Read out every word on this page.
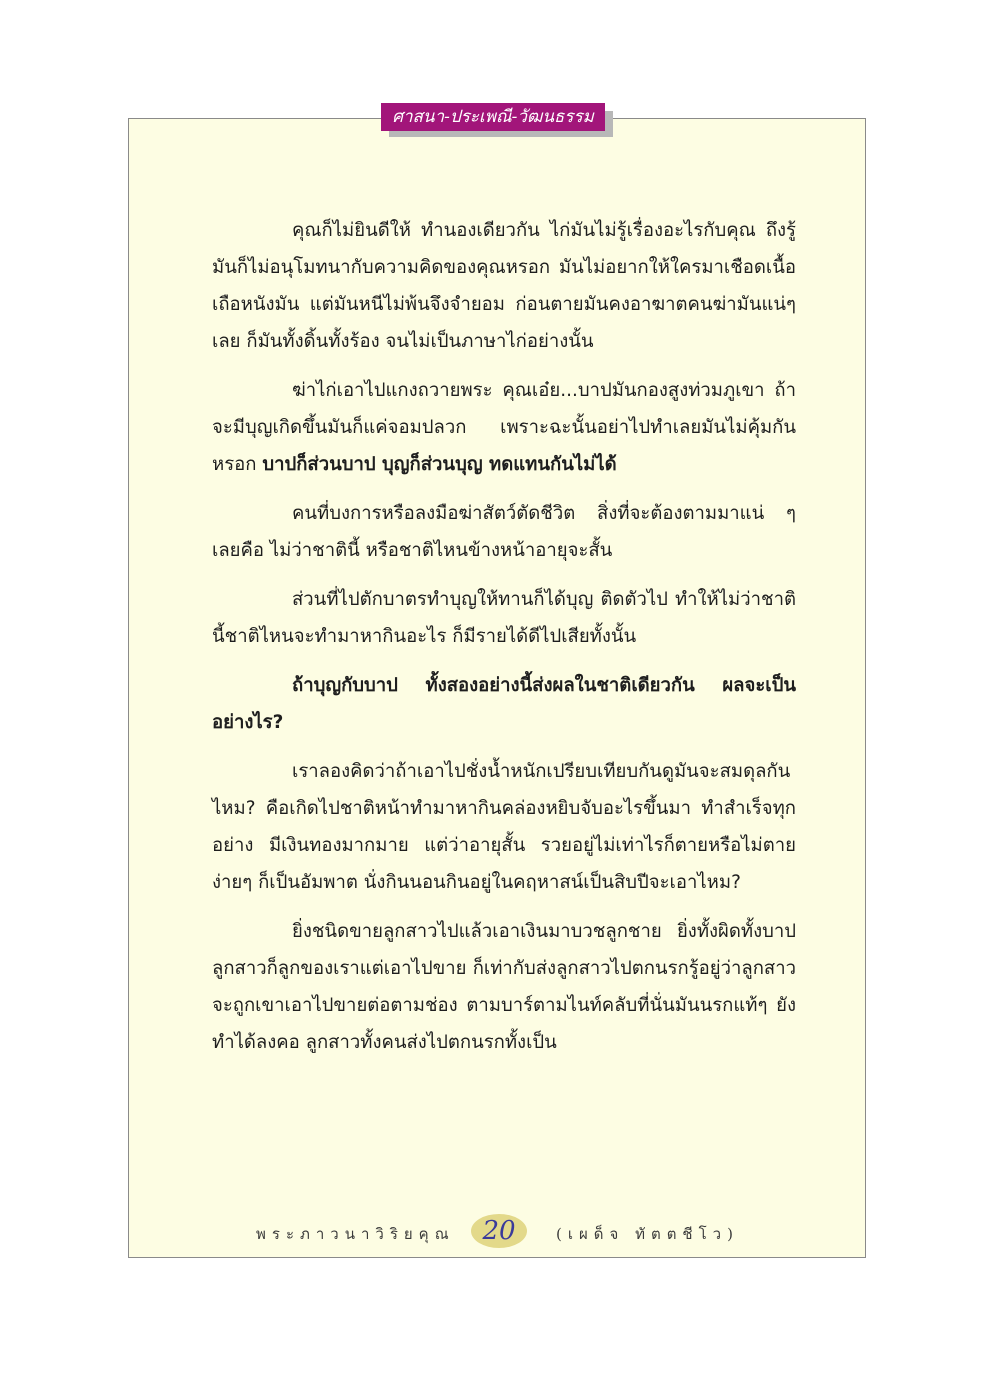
ศาสนา-ประเพณี-วัฒนธรรม

คุณก็ไม่ยินดีให้ ทำนองเดียวกัน ไก่มันไม่รู้เรื่องอะไรกับคุณ ถึงรู้มันก็ไม่อนุโมทนากับความคิดของคุณหรอก มันไม่อยากให้ใครมาเชือดเนื้อเถือหนังมัน แต่มันหนีไม่พ้นจึงจำยอม ก่อนตายมันคงอาฆาตคนฆ่ามันแน่ๆ เลย ก็มันทั้งดิ้นทั้งร้อง จนไม่เป็นภาษาไก่อย่างนั้น

ฆ่าไก่เอาไปแกงถวายพระ คุณเอ๋ย...บาปมันกองสูงท่วมภูเขา ถ้าจะมีบุญเกิดขึ้นมันก็แค่จอมปลวก เพราะฉะนั้นอย่าไปทำเลยมันไม่คุ้มกันหรอก บาปก็ส่วนบาป บุญก็ส่วนบุญ ทดแทนกันไม่ได้

คนที่บงการหรือลงมือฆ่าสัตว์ตัดชีวิต สิ่งที่จะต้องตามมาแน่ ๆ เลยคือ ไม่ว่าชาตินี้ หรือชาติไหนข้างหน้าอายุจะสั้น

ส่วนที่ไปตักบาตรทำบุญให้ทานก็ได้บุญ ติดตัวไป ทำให้ไม่ว่าชาตินี้ชาติไหนจะทำมาหากินอะไร ก็มีรายได้ดีไปเสียทั้งนั้น

ถ้าบุญกับบาป ทั้งสองอย่างนี้ส่งผลในชาติเดียวกัน ผลจะเป็นอย่างไร?

เราลองคิดว่าถ้าเอาไปชั่งน้ำหนักเปรียบเทียบกันดูมันจะสมดุลกันไหม? คือเกิดไปชาติหน้าทำมาหากินคล่องหยิบจับอะไรขึ้นมา ทำสำเร็จทุกอย่าง มีเงินทองมากมาย แต่ว่าอายุสั้น รวยอยู่ไม่เท่าไรก็ตายหรือไม่ตายง่ายๆ ก็เป็นอัมพาต นั่งกินนอนกินอยู่ในคฤหาสน์เป็นสิบปีจะเอาไหม?

ยิ่งชนิดขายลูกสาวไปแล้วเอาเงินมาบวชลูกชาย ยิ่งทั้งผิดทั้งบาป ลูกสาวก็ลูกของเราแต่เอาไปขาย ก็เท่ากับส่งลูกสาวไปตกนรกรู้อยู่ว่าลูกสาว จะถูกเขาเอาไปขายต่อตามช่อง ตามบาร์ตามไนท์คลับที่นั่นมันนรกแท้ๆ ยังทำได้ลงคอ ลูกสาวทั้งคนส่งไปตกนรกทั้งเป็น

พระภาวนาวิริยคุณ	20	(เผด็จ ทัตตชีโว)
